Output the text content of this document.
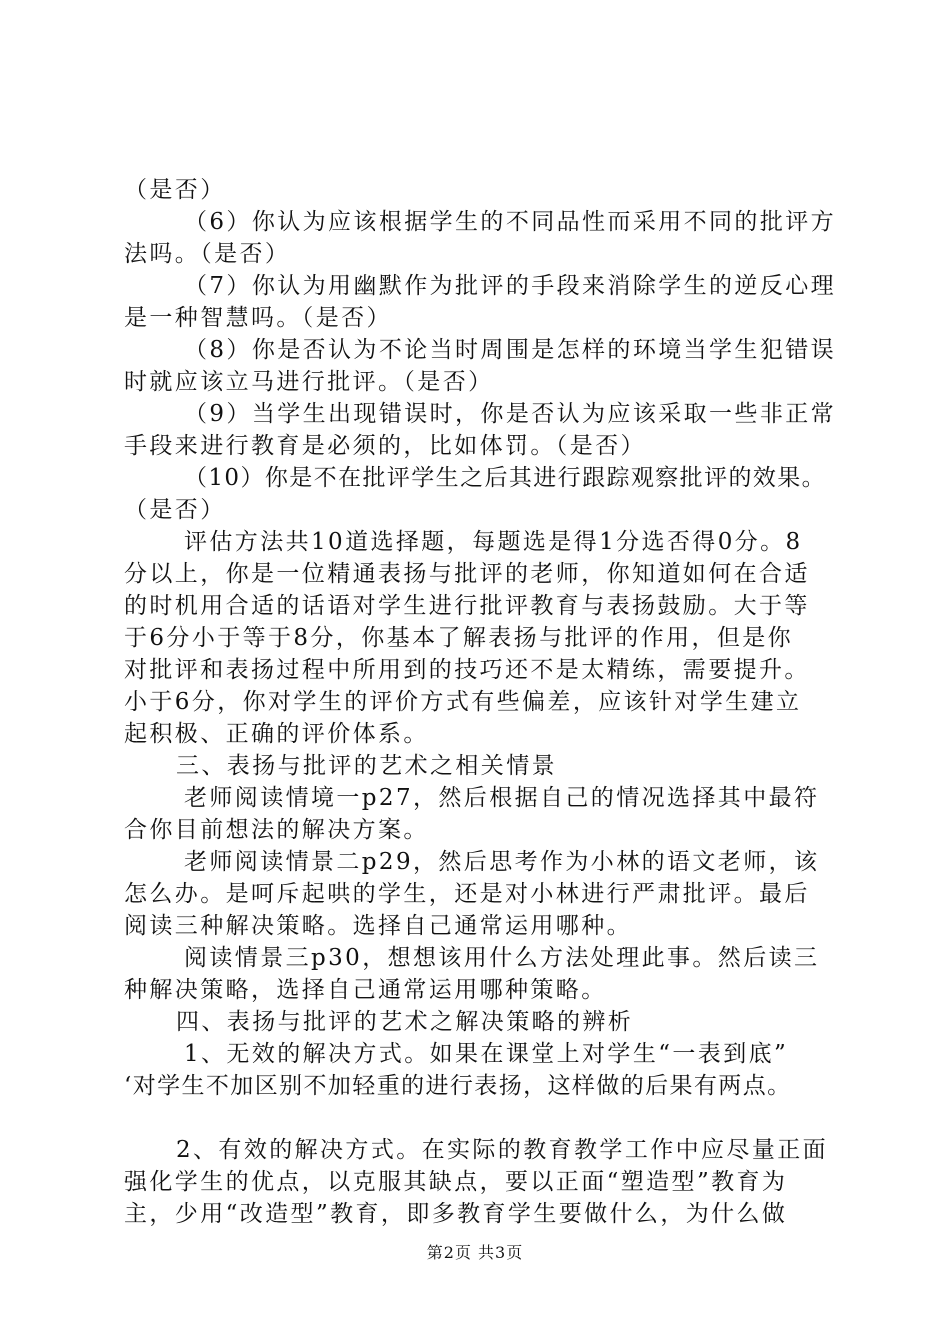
（是否）
（6）你认为应该根据学生的不同品性而采用不同的批评方
法吗。（是否）
（7）你认为用幽默作为批评的手段来消除学生的逆反心理
是一种智慧吗。（是否）
（8）你是否认为不论当时周围是怎样的环境当学生犯错误
时就应该立马进行批评。（是否）
（9）当学生出现错误时，你是否认为应该采取一些非正常
手段来进行教育是必须的，比如体罚。（是否）
（10）你是不在批评学生之后其进行跟踪观察批评的效果。
（是否）
评估方法共10道选择题，每题选是得1分选否得0分。8
分以上，你是一位精通表扬与批评的老师，你知道如何在合适
的时机用合适的话语对学生进行批评教育与表扬鼓励。大于等
于6分小于等于8分，你基本了解表扬与批评的作用，但是你
对批评和表扬过程中所用到的技巧还不是太精练，需要提升。
小于6分，你对学生的评价方式有些偏差，应该针对学生建立
起积极、正确的评价体系。
三、表扬与批评的艺术之相关情景
老师阅读情境一p27，然后根据自己的情况选择其中最符
合你目前想法的解决方案。
老师阅读情景二p29，然后思考作为小林的语文老师，该
怎么办。是呵斥起哄的学生，还是对小林进行严肃批评。最后
阅读三种解决策略。选择自己通常运用哪种。
阅读情景三p30，想想该用什么方法处理此事。然后读三
种解决策略，选择自己通常运用哪种策略。
四、表扬与批评的艺术之解决策略的辨析
1、无效的解决方式。如果在课堂上对学生“一表到底”
‘对学生不加区别不加轻重的进行表扬，这样做的后果有两点。
2、有效的解决方式。在实际的教育教学工作中应尽量正面
强化学生的优点，以克服其缺点，要以正面“塑造型”教育为
主，少用“改造型”教育，即多教育学生要做什么，为什么做
第2页 共3页
